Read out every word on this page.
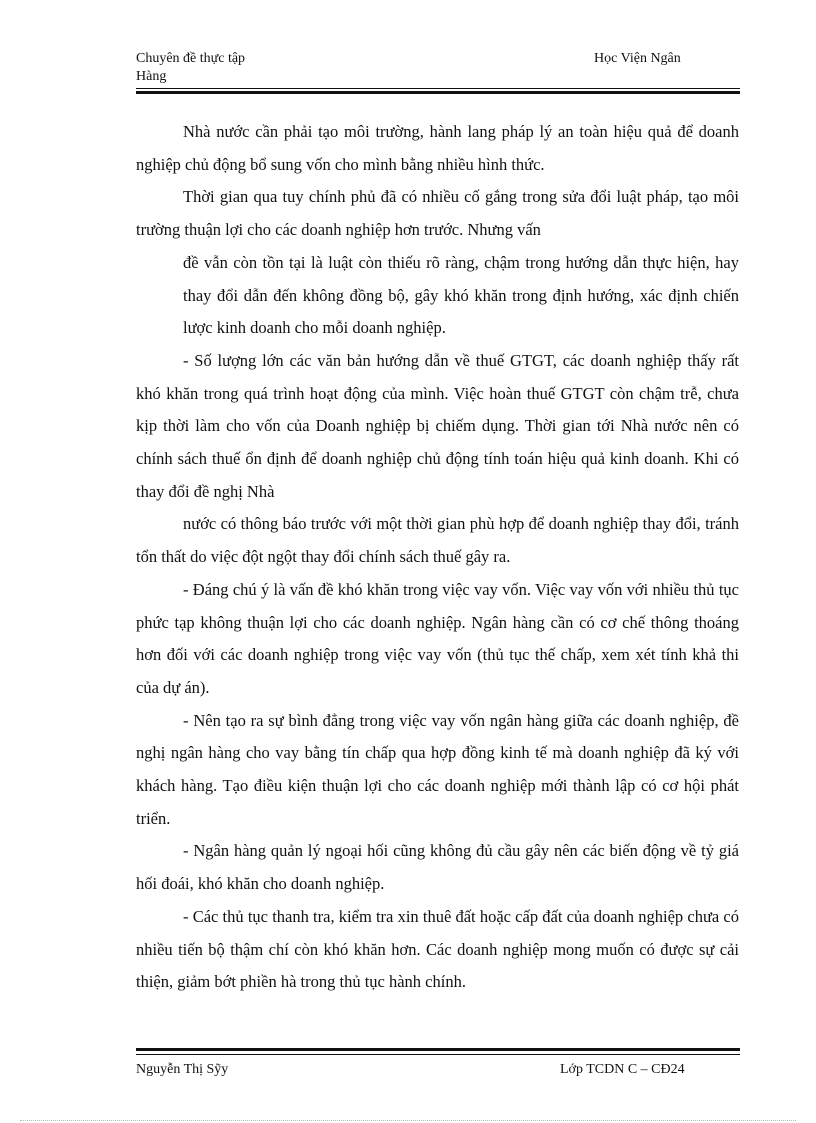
Chuyên đề thực tập
Hàng
Học Viện Ngân

Nhà nước cần phải tạo môi trường, hành lang pháp lý an toàn hiệu quả để doanh nghiệp chủ động bổ sung vốn cho mình bằng nhiều hình thức.

Thời gian qua tuy chính phủ đã có nhiều cố gắng trong sửa đổi luật pháp, tạo môi trường thuận lợi cho các doanh nghiệp hơn trước. Nhưng vấn

đề vẫn còn tồn tại là luật còn thiếu rõ ràng, chậm trong hướng dẫn thực hiện, hay thay đổi dẫn đến không đồng bộ, gây khó khăn trong định hướng, xác định chiến lược kinh doanh cho mỗi doanh nghiệp.

- Số lượng lớn các văn bản hướng dẫn về thuế GTGT, các doanh nghiệp thấy rất khó khăn trong quá trình hoạt động của mình. Việc hoàn thuế GTGT còn chậm trễ, chưa kịp thời làm cho vốn của Doanh nghiệp bị chiếm dụng. Thời gian tới Nhà nước nên có chính sách thuế ổn định để doanh nghiệp chủ động tính toán hiệu quả kinh doanh. Khi có thay đổi đề nghị Nhà

nước có thông báo trước với một thời gian phù hợp để doanh nghiệp thay đổi, tránh tổn thất do việc đột ngột thay đổi chính sách thuế gây ra.

- Đáng chú ý là vấn đề khó khăn trong việc vay vốn. Việc vay vốn với nhiều thủ tục phức tạp không thuận lợi cho các doanh nghiệp. Ngân hàng cần có cơ chế thông thoáng hơn đối với các doanh nghiệp trong việc vay vốn (thủ tục thế chấp, xem xét tính khả thi của dự án).

- Nên tạo ra sự bình đẳng trong việc vay vốn ngân hàng giữa các doanh nghiệp, đề nghị ngân hàng cho vay bằng tín chấp qua hợp đồng kinh tế mà doanh nghiệp đã ký với khách hàng. Tạo điều kiện thuận lợi cho các doanh nghiệp mới thành lập có cơ hội phát triển.

- Ngân hàng quản lý ngoại hối cũng không đủ cầu gây nên các biến động về tỷ giá hối đoái, khó khăn cho doanh nghiệp.

- Các thủ tục thanh tra, kiểm tra xin thuê đất hoặc cấp đất của doanh nghiệp chưa có nhiều tiến bộ thậm chí còn khó khăn hơn. Các doanh nghiệp mong muốn có được sự cải thiện, giảm bớt phiền hà trong thủ tục hành chính.

Nguyễn Thị Sỹy	Lớp TCDN C – CĐ24
